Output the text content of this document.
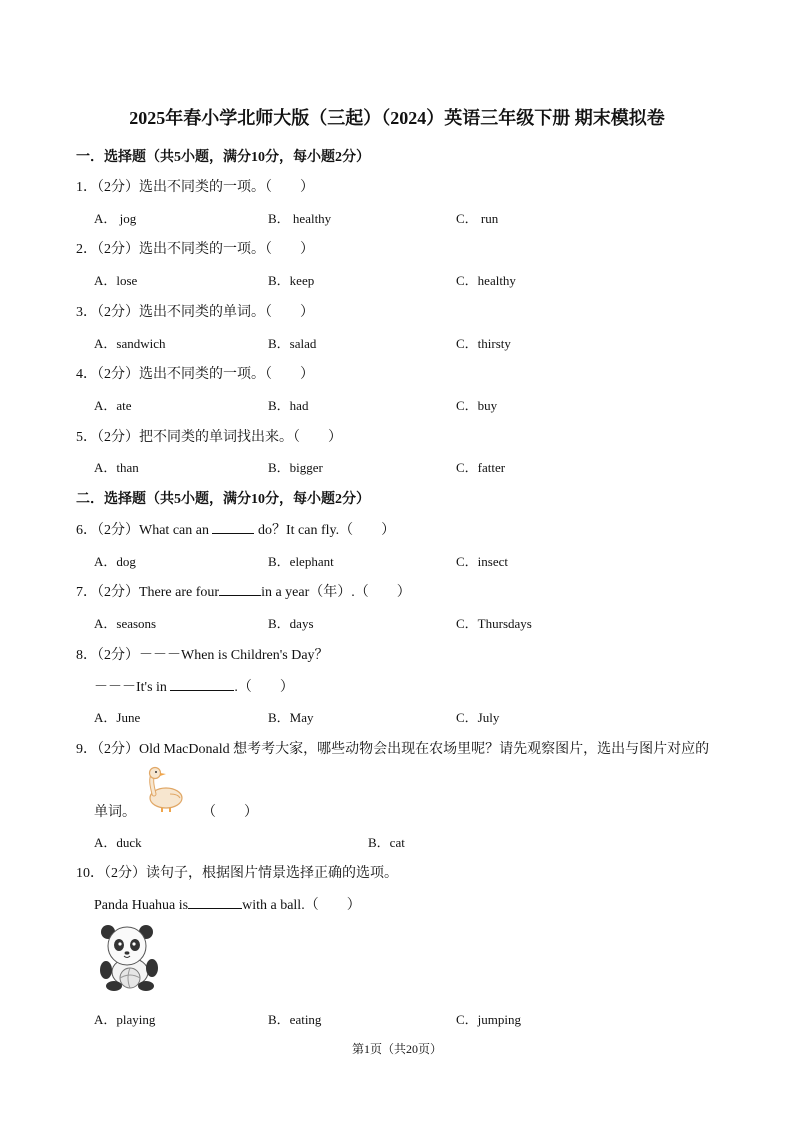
2025年春小学北师大版（三起）（2024）英语三年级下册 期末模拟卷
一．选择题（共5小题，满分10分，每小题2分）
1．（2分）选出不同类的一项。（　　）
A． jog	B． healthy	C． run
2．（2分）选出不同类的一项。（　　）
A．lose	B．keep	C．healthy
3．（2分）选出不同类的单词。（　　）
A．sandwich	B．salad	C．thirsty
4．（2分）选出不同类的一项。（　　）
A．ate	B．had	C．buy
5．（2分）把不同类的单词找出来。（　　）
A．than	B．bigger	C．fatter
二．选择题（共5小题，满分10分，每小题2分）
6．（2分）What can an	do？It can fly.（　　）
A．dog	B．elephant	C．insect
7．（2分）There are four	in a year（年）.（　　）
A．seasons	B．days	C．Thursdays
8．（2分）－－－When is Children's Day？
－－－It's in	.（　　）
A．June	B．May	C．July
9．（2分）Old MacDonald 想考考大家，哪些动物会出现在农场里呢？请先观察图片，选出与图片对应的
单词。	（　　）
A．duck	B．cat
10．（2分）读句子，根据图片情景选择正确的选项。
Panda Huahua is	with a ball.（　　）
A．playing	B．eating	C．jumping
第1页（共20页）
